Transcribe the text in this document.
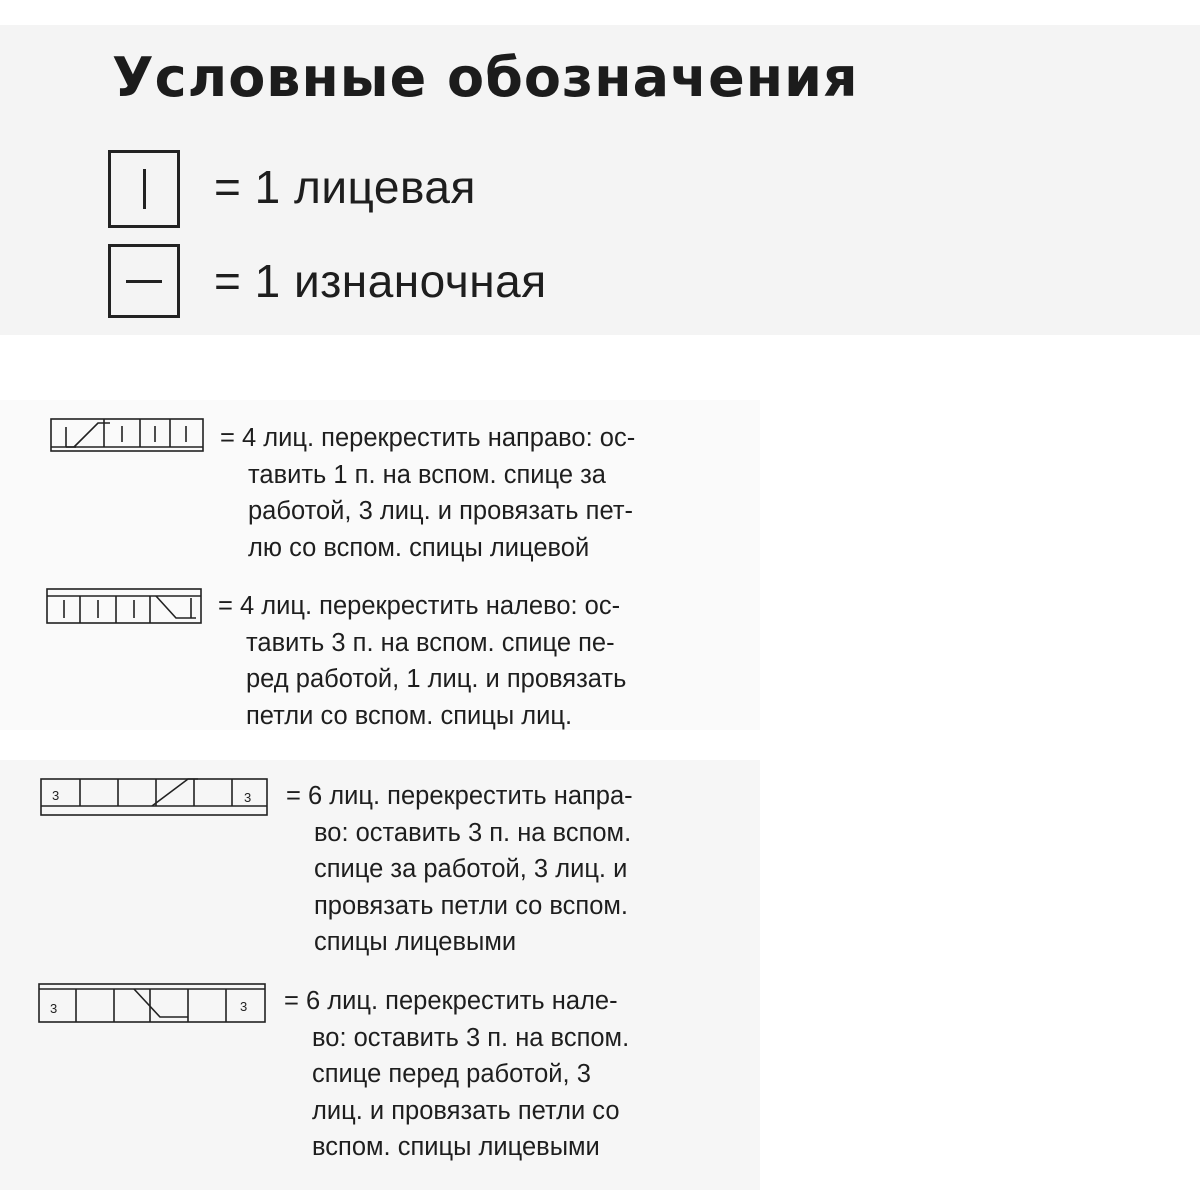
Условные обозначения
= 1 лицевая
= 1 изнаночная
= 4 лиц. перекрестить направо: ос-
тавить 1 п. на вспом. спице за
работой, 3 лиц. и провязать пет-
лю со вспом. спицы лицевой
= 4 лиц. перекрестить налево: ос-
тавить 3 п. на вспом. спице пе-
ред работой, 1 лиц. и провязать
петли со вспом. спицы лиц.
3	3 = 6 лиц. перекрестить напра-
во: оставить 3 п. на вспом.
спице за работой, 3 лиц. и
провязать петли со вспом.
спицы лицевыми
3	3 = 6 лиц. перекрестить нале-
во: оставить 3 п. на вспом.
спице перед работой, 3
лиц. и провязать петли со
вспом. спицы лицевыми
